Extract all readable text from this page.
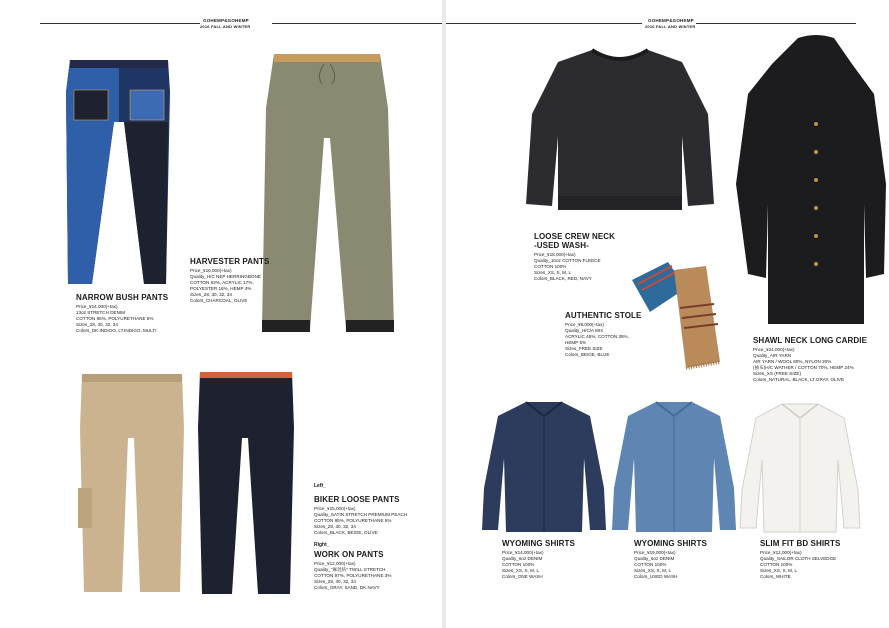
GOHEMP&GOHEMP
2016 FALL AND WINTER
NARROW BUSH PANTS
Price_¥14,000(+tax)
13oz STRETCH DENIM
COTTON 95%, POLYURETHANE 5%
Sizes_28, 30, 32, 34
Colors_DK.INDIGO, LT.INDIGO, MULTI
HARVESTER PANTS
Price_¥16,000(+tax)
Quality_H/C NEP HERRINGBONE
COTTON 63%, ACRYLIC 17%,
POLYESTER 16%, HEMP 4%
Sizes_28, 30, 32, 34
Colors_CHARCOAL, OLIVE
Left_
BIKER LOOSE PANTS
Price_¥15,000(+tax)
Quality_SATIN STRETCH PREMIUM PEACH
COTTON 95%, POLYURETHANE 5%
Sizes_28, 30, 32, 34
Colors_BLACK, BEIGE, OLIVE
Right_
WORK ON PANTS
Price_¥12,000(+tax)
Quality_"麻混紡" TWILL STRETCH
COTTON 97%, POLYURETHANE 3%
Sizes_28, 30, 32, 34
Colors_GRAY, SAND, DK.NAVY
GOHEMP&GOHEMP
2016 FALL AND WINTER
LOOSE CREW NECK
-USED WASH-
Price_¥18,000(+tax)
Quality_10oz COTTON FLEECE
COTTON 100%
Sizes_XS, S, M, L
Colors_BLACK, RED, NAVY
SHAWL NECK LONG CARDIE
Price_¥24,000(+tax)
Quality_AIR YARN
AIR YARN / WOOL 80%, NYLON 20%
(袖布)H/C WATHER / COTTON 70%, HEMP 24%
Sizes_XS (FREE SIZE)
Colors_NATURAL, BLACK, LT.GRAY, OLIVE
AUTHENTIC STOLE
Price_¥8,000(+tax)
Quality_H/C/A MIX
ACRYLIC 45%, COTTON 35%,
HEMP 5%
Sizes_FREE SIZE
Colors_BEIGE, BLUE
WYOMING SHIRTS
Price_¥14,000(+tax)
Quality_6oz DENIM
COTTON 100%
Sizes_XS, S, M, L
Colors_ONE WASH
WYOMING SHIRTS
Price_¥19,000(+tax)
Quality_6oz DENIM
COTTON 100%
Sizes_XS, S, M, L
Colors_USED WASH
SLIM FIT BD SHIRTS
Price_¥12,000(+tax)
Quality_SAILOR CLOTH SELVEDGE
COTTON 100%
Sizes_XS, S, M, L
Colors_WHITE
